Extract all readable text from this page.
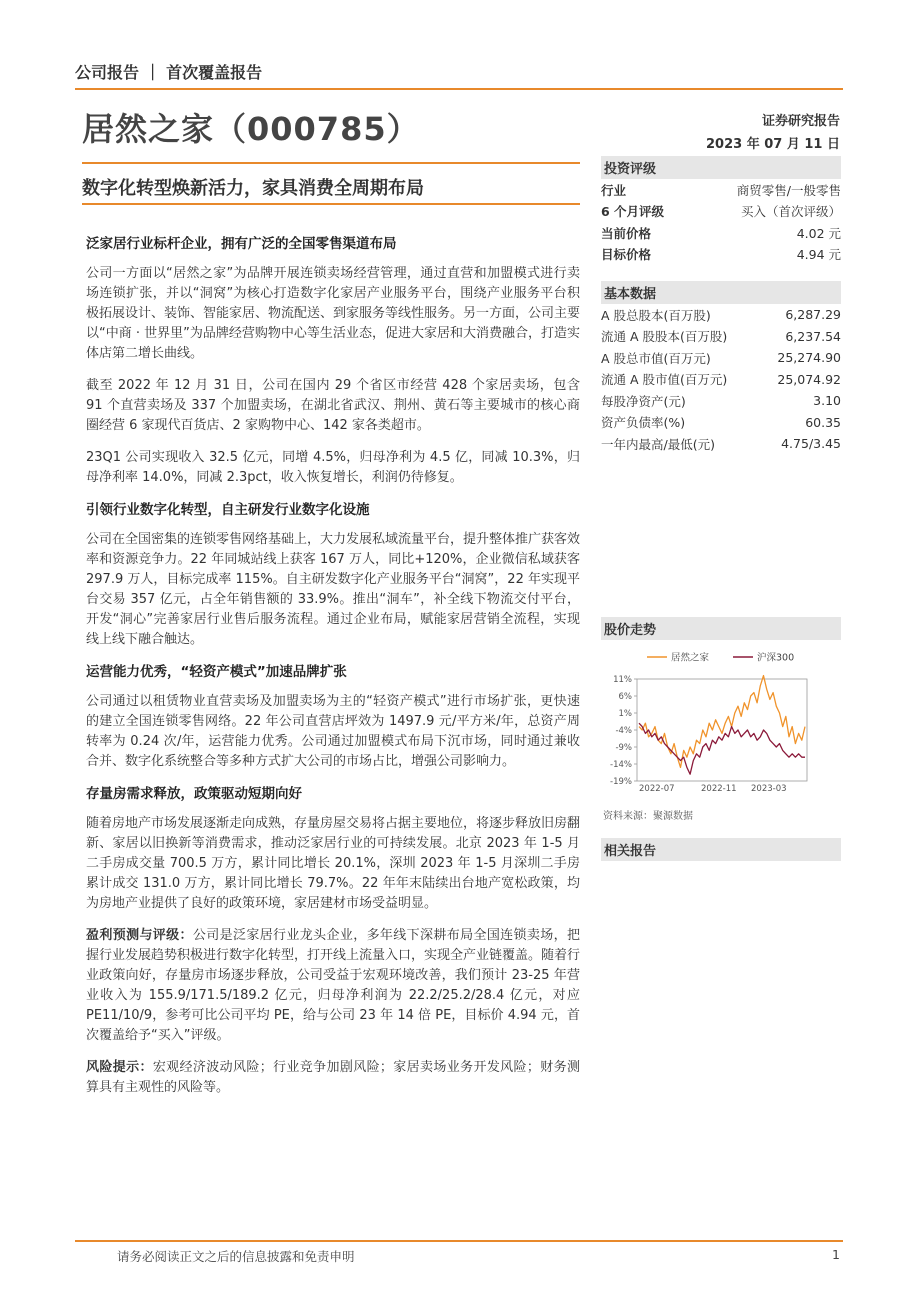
公司报告 ｜ 首次覆盖报告
居然之家（000785）	证券研究报告
2023 年 07 月 11 日
数字化转型焕新活力，家具消费全周期布局
泛家居行业标杆企业，拥有广泛的全国零售渠道布局

公司一方面以“居然之家”为品牌开展连锁卖场经营管理，通过直营和加盟模式进行卖场连锁扩张，并以“洞窝”为核心打造数字化家居产业服务平台，围绕产业服务平台积极拓展设计、装饰、智能家居、物流配送、到家服务等线性服务。另一方面，公司主要以“中商 · 世界里”为品牌经营购物中心等生活业态，促进大家居和大消费融合，打造实体店第二增长曲线。

截至 2022 年 12 月 31 日，公司在国内 29 个省区市经营 428 个家居卖场，包含 91 个直营卖场及 337 个加盟卖场，在湖北省武汉、荆州、黄石等主要城市的核心商圈经营 6 家现代百货店、2 家购物中心、142 家各类超市。

23Q1 公司实现收入 32.5 亿元，同增 4.5%，归母净利为 4.5 亿，同减 10.3%，归母净利率 14.0%，同减 2.3pct，收入恢复增长，利润仍待修复。

引领行业数字化转型，自主研发行业数字化设施

公司在全国密集的连锁零售网络基础上，大力发展私域流量平台，提升整体推广获客效率和资源竞争力。22 年同城站线上获客 167 万人，同比+120%，企业微信私域获客 297.9 万人，目标完成率 115%。自主研发数字化产业服务平台“洞窝”，22 年实现平台交易 357 亿元，占全年销售额的 33.9%。推出“洞车”，补全线下物流交付平台，开发“洞心”完善家居行业售后服务流程。通过企业布局，赋能家居营销全流程，实现线上线下融合触达。

运营能力优秀，“轻资产模式”加速品牌扩张

公司通过以租赁物业直营卖场及加盟卖场为主的“轻资产模式”进行市场扩张，更快速的建立全国连锁零售网络。22 年公司直营店坪效为 1497.9 元/平方米/年，总资产周转率为 0.24 次/年，运营能力优秀。公司通过加盟模式布局下沉市场，同时通过兼收合并、数字化系统整合等多种方式扩大公司的市场占比，增强公司影响力。

存量房需求释放，政策驱动短期向好

随着房地产市场发展逐渐走向成熟，存量房屋交易将占据主要地位，将逐步释放旧房翻新、家居以旧换新等消费需求，推动泛家居行业的可持续发展。北京 2023 年 1-5 月二手房成交量 700.5 万方，累计同比增长 20.1%，深圳 2023 年 1-5 月深圳二手房累计成交 131.0 万方，累计同比增长 79.7%。22 年年末陆续出台地产宽松政策，均为房地产业提供了良好的政策环境，家居建材市场受益明显。

盈利预测与评级：公司是泛家居行业龙头企业，多年线下深耕布局全国连锁卖场，把握行业发展趋势积极进行数字化转型，打开线上流量入口，实现全产业链覆盖。随着行业政策向好，存量房市场逐步释放，公司受益于宏观环境改善，我们预计 23-25 年营业收入为 155.9/171.5/189.2 亿元，归母净利润为 22.2/25.2/28.4 亿元，对应 PE11/10/9，参考可比公司平均 PE，给与公司 23 年 14 倍 PE，目标价 4.94 元，首次覆盖给予“买入”评级。

风险提示：宏观经济波动风险；行业竞争加剧风险；家居卖场业务开发风险；财务测算具有主观性的风险等。

投资评级
行业	商贸零售/一般零售
6 个月评级	买入（首次评级）
当前价格	4.02 元
目标价格	4.94 元
基本数据
A 股总股本(百万股)	6,287.29
流通 A 股股本(百万股)	6,237.54
A 股总市值(百万元)	25,274.90
流通 A 股市值(百万元)	25,074.92
每股净资产(元)	3.10
资产负债率(%)	60.35
一年内最高/最低(元)	4.75/3.45
股价走势
11%
6%
1%
-4%
-9%
-14%
-19%
2022-07	2022-11 2023-03
居然之家	沪深300
资料来源：聚源数据
相关报告
请务必阅读正文之后的信息披露和免责申明	1
